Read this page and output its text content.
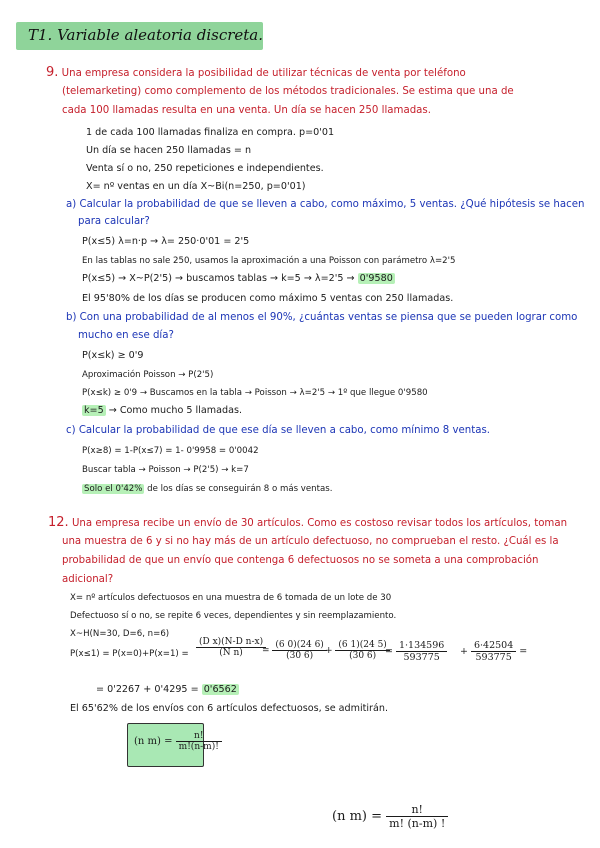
T1. Variable aleatoria discreta.
9. Una empresa considera la posibilidad de utilizar técnicas de venta por teléfono
(telemarketing) como complemento de los métodos tradicionales. Se estima que una de
cada 100 llamadas resulta en una venta. Un día se hacen 250 llamadas.
1 de cada 100 llamadas finaliza en compra. p=0'01
Un día se hacen 250 llamadas = n
Venta sí o no, 250 repeticiones e independientes.
X= nº ventas en un día X~Bi(n=250, p=0'01)
a) Calcular la probabilidad de que se lleven a cabo, como máximo, 5 ventas. ¿Qué hipótesis se hacen
para calcular?
P(x≤5) λ=n·p → λ= 250·0'01 = 2'5
En las tablas no sale 250, usamos la aproximación a una Poisson con parámetro λ=2'5
P(x≤5) → X~P(2'5) → buscamos tablas → k=5 → λ=2'5 → 0'9580
El 95'80% de los días se producen como máximo 5 ventas con 250 llamadas.
b) Con una probabilidad de al menos el 90%, ¿cuántas ventas se piensa que se pueden lograr como
mucho en ese día?
P(x≤k) ≥ 0'9
Aproximación Poisson → P(2'5)
P(x≤k) ≥ 0'9 → Buscamos en la tabla → Poisson → λ=2'5 → 1º que llegue 0'9580
k=5 → Como mucho 5 llamadas.
c) Calcular la probabilidad de que ese día se lleven a cabo, como mínimo 8 ventas.
P(x≥8) = 1-P(x≤7) = 1- 0'9958 = 0'0042
Buscar tabla → Poisson → P(2'5) → k=7
Solo el 0'42% de los días se conseguirán 8 o más ventas.
12. Una empresa recibe un envío de 30 artículos. Como es costoso revisar todos los artículos, toman
una muestra de 6 y si no hay más de un artículo defectuoso, no comprueban el resto. ¿Cuál es la
probabilidad de que un envío que contenga 6 defectuosos no se someta a una comprobación
adicional?
X= nº artículos defectuosos en una muestra de 6 tomada de un lote de 30
Defectuoso sí o no, se repite 6 veces, dependientes y sin reemplazamiento.
X~H(N=30, D=6, n=6)
$P(x\le 1) = P(x=0)+P(x=1) = \frac{\text{(D x)(N-D n-x)}}{\text{(N n)}}$
= $\frac{(6 0)(24 6)}{(30 6)}$
+ $\frac{(6 1)(24 5)}{(30 6)}$
= $\frac{1\cdot 134596}{593775} + \frac{6\cdot 42504}{593775}$ =
= 0'2267 + 0'4295 = 0'6562
El 65'62% de los envíos con 6 artículos defectuosos, se admitirán.
(n $m) = \frac{n!}{m!(n-m)!}$
(n $m) = \frac{n!}{m! (n-m) !}$
